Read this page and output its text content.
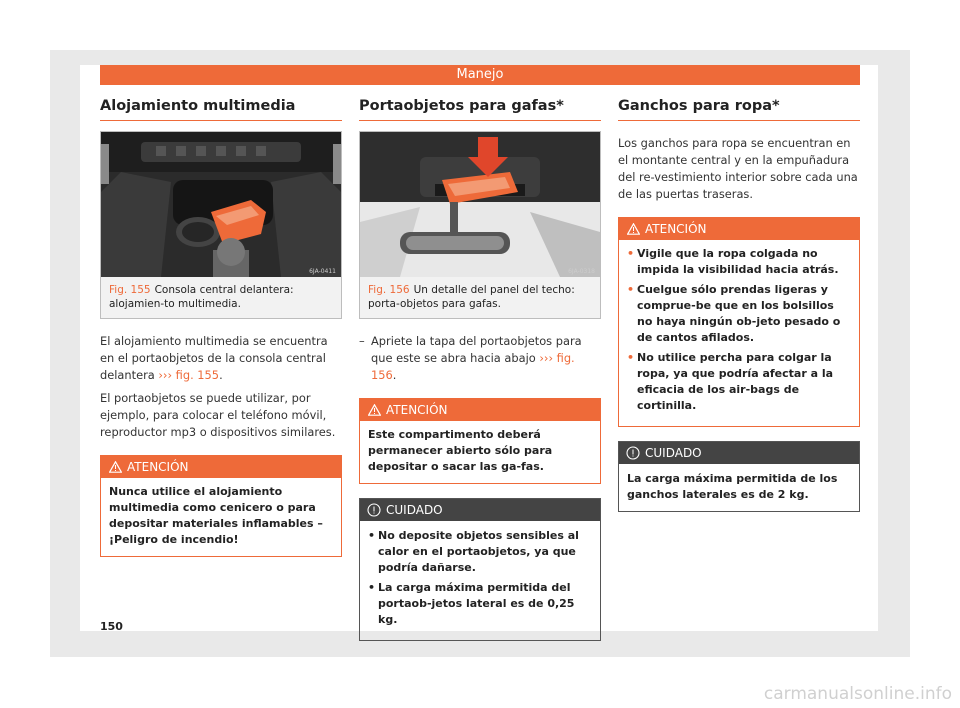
Manejo
Alojamiento multimedia
6JA-0411
Fig. 155 Consola central delantera: alojamien-to multimedia.

El alojamiento multimedia se encuentra en el portaobjetos de la consola central delantera ››› fig. 155.

El portaobjetos se puede utilizar, por ejemplo, para colocar el teléfono móvil, reproductor mp3 o dispositivos similares.

ATENCIÓN
Nunca utilice el alojamiento multimedia como cenicero o para depositar materiales inflamables – ¡Peligro de incendio!
Portaobjetos para gafas*
6JA-0318
Fig. 156 Un detalle del panel del techo: porta-objetos para gafas.

– Apriete la tapa del portaobjetos para que este se abra hacia abajo ››› fig. 156.

ATENCIÓN
Este compartimento deberá permanecer abierto sólo para depositar o sacar las ga-fas.
CUIDADO
• No deposite objetos sensibles al calor en el portaobjetos, ya que podría dañarse.
• La carga máxima permitida del portaob-jetos lateral es de 0,25 kg.
Ganchos para ropa*

Los ganchos para ropa se encuentran en el montante central y en la empuñadura del re-vestimiento interior sobre cada una de las puertas traseras.

ATENCIÓN
• Vigile que la ropa colgada no impida la visibilidad hacia atrás.
• Cuelgue sólo prendas ligeras y comprue-be que en los bolsillos no haya ningún ob-jeto pesado o de cantos afilados.
• No utilice percha para colgar la ropa, ya que podría afectar a la eficacia de los air-bags de cortinilla.
CUIDADO
La carga máxima permitida de los ganchos laterales es de 2 kg.
150
carmanualsonline.info
